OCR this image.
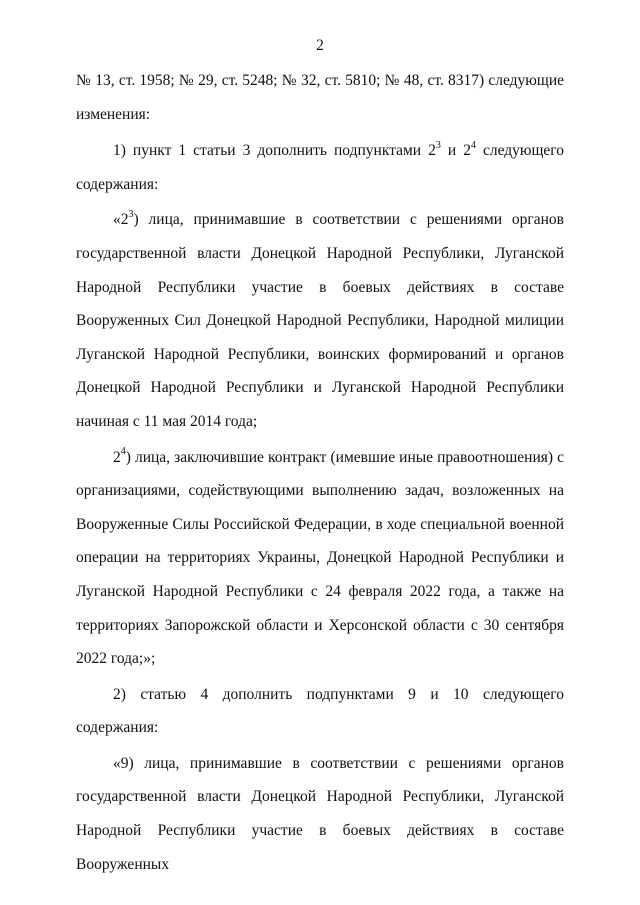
2

№ 13, ст. 1958; № 29, ст. 5248; № 32, ст. 5810; № 48, ст. 8317) следующие изменения:

1) пункт 1 статьи 3 дополнить подпунктами $2^3$ и $2^4$ следующего содержания:

«$2^3$) лица, принимавшие в соответствии с решениями органов государственной власти Донецкой Народной Республики, Луганской Народной Республики участие в боевых действиях в составе Вооруженных Сил Донецкой Народной Республики, Народной милиции Луганской Народной Республики, воинских формирований и органов Донецкой Народной Республики и Луганской Народной Республики начиная с 11 мая 2014 года;

$2^4$) лица, заключившие контракт (имевшие иные правоотношения) с организациями, содействующими выполнению задач, возложенных на Вооруженные Силы Российской Федерации, в ходе специальной военной операции на территориях Украины, Донецкой Народной Республики и Луганской Народной Республики с 24 февраля 2022 года, а также на территориях Запорожской области и Херсонской области с 30 сентября 2022 года;»;

2) статью 4 дополнить подпунктами 9 и 10 следующего содержания:

«9) лица, принимавшие в соответствии с решениями органов государственной власти Донецкой Народной Республики, Луганской Народной Республики участие в боевых действиях в составе Вооруженных
